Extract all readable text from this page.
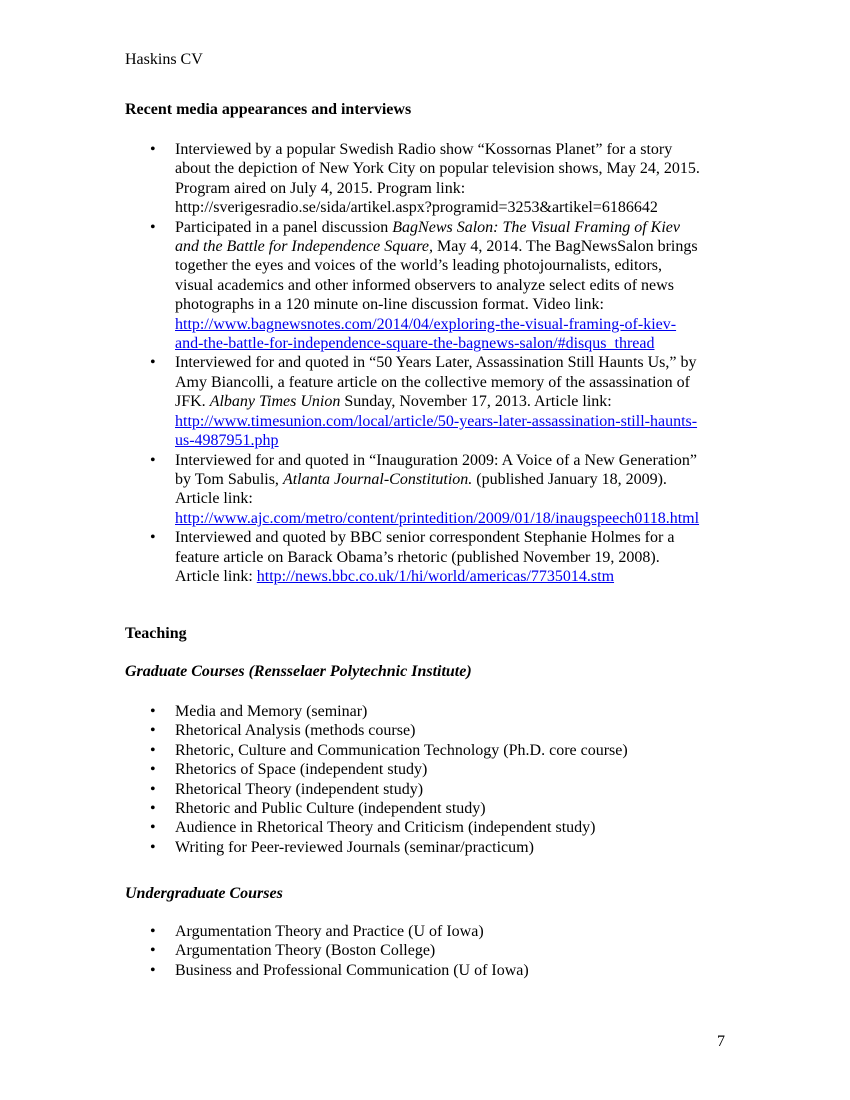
Haskins CV
Recent media appearances and interviews
• Interviewed by a popular Swedish Radio show “Kossornas Planet” for a story
about the depiction of New York City on popular television shows, May 24, 2015.
Program aired on July 4, 2015. Program link:
http://sverigesradio.se/sida/artikel.aspx?programid=3253&artikel=6186642
• Participated in a panel discussion BagNews Salon: The Visual Framing of Kiev
and the Battle for Independence Square, May 4, 2014. The BagNewsSalon brings
together the eyes and voices of the world’s leading photojournalists, editors,
visual academics and other informed observers to analyze select edits of news
photographs in a 120 minute on-line discussion format. Video link:
http://www.bagnewsnotes.com/2014/04/exploring-the-visual-framing-of-kiev-
and-the-battle-for-independence-square-the-bagnews-salon/#disqus_thread
• Interviewed for and quoted in “50 Years Later, Assassination Still Haunts Us,” by
Amy Biancolli, a feature article on the collective memory of the assassination of
JFK. Albany Times Union Sunday, November 17, 2013. Article link:
http://www.timesunion.com/local/article/50-years-later-assassination-still-haunts-
us-4987951.php
• Interviewed for and quoted in “Inauguration 2009: A Voice of a New Generation”
by Tom Sabulis, Atlanta Journal-Constitution. (published January 18, 2009).
Article link:
http://www.ajc.com/metro/content/printedition/2009/01/18/inaugspeech0118.html
• Interviewed and quoted by BBC senior correspondent Stephanie Holmes for a
feature article on Barack Obama’s rhetoric (published November 19, 2008).
Article link: http://news.bbc.co.uk/1/hi/world/americas/7735014.stm
Teaching
Graduate Courses (Rensselaer Polytechnic Institute)
• Media and Memory (seminar)
• Rhetorical Analysis (methods course)
• Rhetoric, Culture and Communication Technology (Ph.D. core course)
• Rhetorics of Space (independent study)
• Rhetorical Theory (independent study)
• Rhetoric and Public Culture (independent study)
• Audience in Rhetorical Theory and Criticism (independent study)
• Writing for Peer-reviewed Journals (seminar/practicum)
Undergraduate Courses
• Argumentation Theory and Practice (U of Iowa)
• Argumentation Theory (Boston College)
• Business and Professional Communication (U of Iowa)
7
